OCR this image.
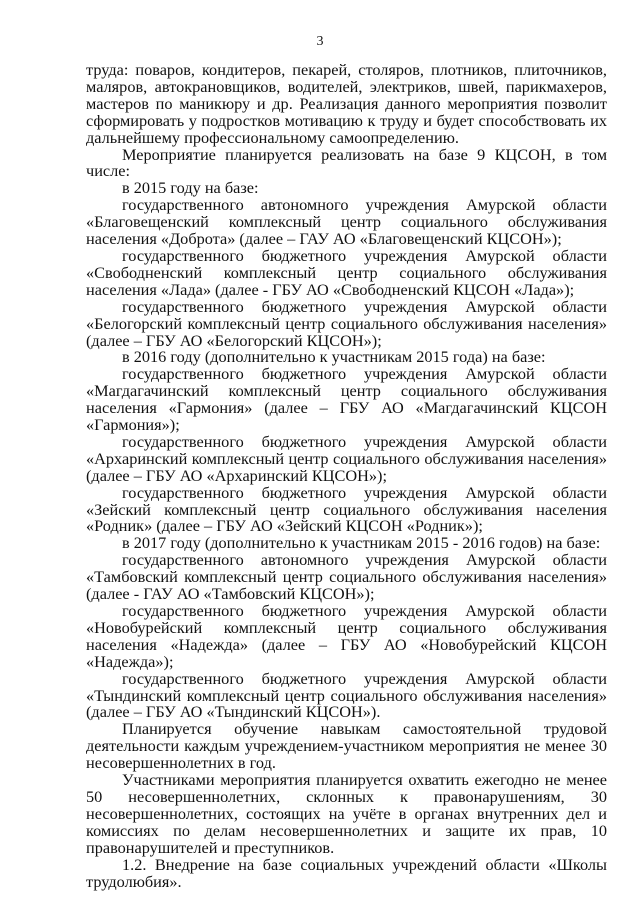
3

труда: поваров, кондитеров, пекарей, столяров, плотников, плиточников, маляров, автокрановщиков, водителей, электриков, швей, парикмахеров, мастеров по маникюру и др. Реализация данного мероприятия позволит сформировать у подростков мотивацию к труду и будет способствовать их дальнейшему профессиональному самоопределению.

Мероприятие планируется реализовать на базе 9 КЦСОН, в том числе:

в 2015 году на базе:

государственного автономного учреждения Амурской области «Благовещенский комплексный центр социального обслуживания населения «Доброта» (далее – ГАУ АО «Благовещенский КЦСОН»);

государственного бюджетного учреждения Амурской области «Свободненский комплексный центр социального обслуживания населения «Лада» (далее - ГБУ АО «Свободненский КЦСОН «Лада»);

государственного бюджетного учреждения Амурской области «Белогорский комплексный центр социального обслуживания населения» (далее – ГБУ АО «Белогорский КЦСОН»);

в 2016 году (дополнительно к участникам 2015 года) на базе:

государственного бюджетного учреждения Амурской области «Магдагачинский комплексный центр социального обслуживания населения «Гармония» (далее – ГБУ АО «Магдагачинский КЦСОН «Гармония»);

государственного бюджетного учреждения Амурской области «Архаринский комплексный центр социального обслуживания населения» (далее – ГБУ АО «Архаринский КЦСОН»);

государственного бюджетного учреждения Амурской области «Зейский комплексный центр социального обслуживания населения «Родник» (далее – ГБУ АО «Зейский КЦСОН «Родник»);

в 2017 году (дополнительно к участникам 2015 - 2016 годов) на базе:

государственного автономного учреждения Амурской области «Тамбовский комплексный центр социального обслуживания населения» (далее - ГАУ АО «Тамбовский КЦСОН»);

государственного бюджетного учреждения Амурской области «Новобурейский комплексный центр социального обслуживания населения «Надежда» (далее – ГБУ АО «Новобурейский КЦСОН «Надежда»);

государственного бюджетного учреждения Амурской области «Тындинский комплексный центр социального обслуживания населения» (далее – ГБУ АО «Тындинский КЦСОН»).

Планируется обучение навыкам самостоятельной трудовой деятельности каждым учреждением-участником мероприятия не менее 30 несовершеннолетних в год.

Участниками мероприятия планируется охватить ежегодно не менее 50 несовершеннолетних, склонных к правонарушениям, 30 несовершеннолетних, состоящих на учёте в органах внутренних дел и комиссиях по делам несовершеннолетних и защите их прав, 10 правонарушителей и преступников.

1.2. Внедрение на базе социальных учреждений области «Школы трудолюбия».
